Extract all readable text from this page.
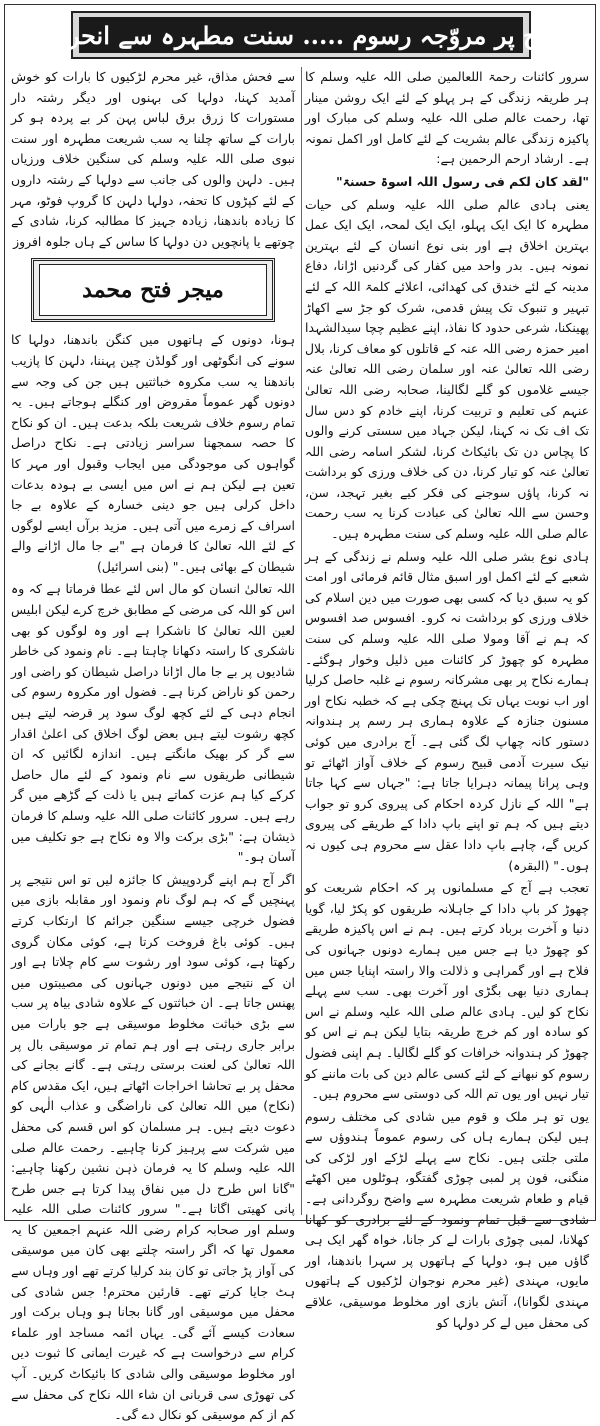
نکاح پر مروّجہ رسوم ..... سنت مطہرہ سے انحراف

سرور کائنات رحمۃ اللعالمین صلی اللہ علیہ وسلم کا ہر طریقہ زندگی کے ہر پہلو کے لئے ایک روشن مینار تھا، رحمت عالم صلی اللہ علیہ وسلم کی مبارک اور پاکیزہ زندگی عالم بشریت کے لئے کامل اور اکمل نمونہ ہے۔ ارشاد ارحم الرحمین ہے:

"لقد کان لکم فی رسول اللہ اسوۃ حسنۃ"

یعنی ہادی عالم صلی اللہ علیہ وسلم کی حیات مطہرہ کا ایک ایک پہلو، ایک ایک لمحہ، ایک ایک عمل بہترین اخلاق ہے اور بنی نوع انسان کے لئے بہترین نمونہ ہیں۔ بدر واحد میں کفار کی گردنیں اڑانا، دفاع مدینہ کے لئے خندق کی کھدائی، اعلائے کلمۃ اللہ کے لئے تبہیر و تنبوک تک پیش قدمی، شرک کو جڑ سے اکھاڑ پھینکنا، شرعی حدود کا نفاذ، اپنے عظیم چچا سیدالشہدا امیر حمزہ رضی اللہ عنہ کے قاتلوں کو معاف کرنا، بلال رضی اللہ تعالیٰ عنہ اور سلمان رضی اللہ تعالیٰ عنہ جیسے غلاموں کو گلے لگالینا، صحابہ رضی اللہ تعالیٰ عنہم کی تعلیم و تربیت کرنا، اپنے خادم کو دس سال تک اف تک نہ کہنا، لیکن جہاد میں سستی کرنے والوں کا پچاس دن تک بائیکاٹ کرنا، لشکر اسامہ رضی اللہ تعالیٰ عنہ کو تیار کرنا، دن کی خلاف ورزی کو برداشت نہ کرنا، پاؤں سوجنے کی فکر کیے بغیر تہجد، سن، وحسن سے اللہ تعالیٰ کی عبادت کرنا یہ سب رحمت عالم صلی اللہ علیہ وسلم کی سنت مطہرہ ہیں۔

ہادی نوع بشر صلی اللہ علیہ وسلم نے زندگی کے ہر شعبے کے لئے اکمل اور اسبق مثال قائم فرمائی اور امت کو یہ سبق دیا کہ کسی بھی صورت میں دین اسلام کی خلاف ورزی کو برداشت نہ کرو۔ افسوس صد افسوس کہ ہم نے آقا ومولا صلی اللہ علیہ وسلم کی سنت مطہرہ کو چھوڑ کر کائنات میں ذلیل وخوار ہوگئے۔ ہمارے نکاح پر بھی مشرکانہ رسوم نے غلبہ حاصل کرلیا اور اب نوبت یہاں تک پہنچ چکی ہے کہ خطبہ نکاح اور مسنون جنازہ کے علاوہ ہماری ہر رسم پر ہندوانہ دستور کانہ چھاپ لگ گئی ہے۔ آج برادری میں کوئی نیک سیرت آدمی قبیح رسوم کے خلاف آواز اٹھائے تو وہی پرانا پیمانہ دہرایا جاتا ہے: "جہاں سے کہا جاتا ہے" اللہ کے نازل کردہ احکام کی پیروی کرو تو جواب دیتے ہیں کہ ہم تو اپنے باپ دادا کے طریقے کی پیروی کریں گے، چاہے باپ دادا عقل سے محروم ہی کیوں نہ ہوں۔" (البقرہ)

تعجب ہے آج کے مسلمانوں پر کہ احکام شریعت کو چھوڑ کر باپ دادا کے جاہلانہ طریقوں کو پکڑ لیا، گویا دنیا و آخرت برباد کرتے ہیں۔ ہم نے اس پاکیزہ طریقے کو چھوڑ دیا ہے جس میں ہمارے دونوں جہانوں کی فلاح ہے اور گمراہی و ذلالت والا راستہ اپنایا جس میں ہماری دنیا بھی بگڑی اور آخرت بھی۔ سب سے پہلے نکاح کو لیں۔ ہادی عالم صلی اللہ علیہ وسلم نے اس کو سادہ اور کم خرچ طریقہ بتایا لیکن ہم نے اس کو چھوڑ کر ہندوانہ خرافات کو گلے لگالیا۔ ہم اپنی فضول رسوم کو نبھانے کے لئے کسی عالم دین کی بات ماننے کو تیار نہیں اور یوں تم اللہ کی دوستی سے محروم ہیں۔

یوں تو ہر ملک و قوم میں شادی کی مختلف رسوم ہیں لیکن ہمارے ہاں کی رسوم عموماً ہندوؤں سے ملتی جلتی ہیں۔ نکاح سے پہلے لڑکے اور لڑکی کی منگنی، فون پر لمبی چوڑی گفتگو، ہوٹلوں میں اکھٹے قیام و طعام شریعت مطہرہ سے واضح روگردانی ہے۔ شادی سے قبل تمام ونمود کے لئے برادری کو کھانا کھلانا، لمبی چوڑی بارات لے کر جانا، خواہ گھر ایک ہی گاؤں میں ہو، دولہا کے ہاتھوں پر سہرا باندھنا، اور مایوں، مہندی (غیر محرم نوجوان لڑکیوں کے ہاتھوں مہندی لگوانا)، آتش بازی اور مخلوط موسیقی، علاقے کی محفل میں لے کر دولہا کو

سے فحش مذاق، غیر محرم لڑکیوں کا بارات کو خوش آمدید کہنا، دولہا کی بہنوں اور دیگر رشتہ دار مستورات کا زرق برق لباس پہن کر بے پردہ ہو کر بارات کے ساتھ چلنا یہ سب شریعت مطہرہ اور سنت نبوی صلی اللہ علیہ وسلم کی سنگین خلاف ورزیاں ہیں۔ دلہن والوں کی جانب سے دولہا کے رشتہ داروں کے لئے کپڑوں کا تحفہ، دولہا دلہن کا گروپ فوٹو، مہر کا زیادہ باندھنا، زیادہ جہیز کا مطالبہ کرنا، شادی کے چوتھے یا پانچویں دن دولہا کا ساس کے ہاں جلوہ افروز

میجر فتح محمد

ہونا، دونوں کے ہاتھوں میں کنگن باندھنا، دولہا کا سونے کی انگوٹھی اور گولڈن چین پہننا، دلہن کا پازیب باندھنا یہ سب مکروہ خباثتیں ہیں جن کی وجہ سے دونوں گھر عموماً مقروض اور کنگلے ہوجاتے ہیں۔ یہ تمام رسوم خلاف شریعت بلکہ بدعت ہیں۔ ان کو نکاح کا حصہ سمجھنا سراسر زیادتی ہے۔ نکاح دراصل گواہوں کی موجودگی میں ایجاب وقبول اور مہر کا تعین ہے لیکن ہم نے اس میں ایسی بے ہودہ بدعات داخل کرلی ہیں جو دینی خسارہ کے علاوہ بے جا اسراف کے زمرے میں آتی ہیں۔ مزید برآں ایسے لوگوں کے لئے اللہ تعالیٰ کا فرمان ہے "بے جا مال اڑانے والے شیطان کے بھائی ہیں۔" (بنی اسرائیل)

اللہ تعالیٰ انسان کو مال اس لئے عطا فرماتا ہے کہ وہ اس کو اللہ کی مرضی کے مطابق خرچ کرے لیکن ابلیس لعین اللہ تعالیٰ کا ناشکرا ہے اور وہ لوگوں کو بھی ناشکری کا راستہ دکھانا چاہتا ہے۔ نام ونمود کی خاطر شادیوں پر بے جا مال اڑانا دراصل شیطان کو راضی اور رحمن کو ناراض کرنا ہے۔ فضول اور مکروہ رسوم کی انجام دہی کے لئے کچھ لوگ سود پر قرضہ لیتے ہیں کچھ رشوت لیتے ہیں بعض لوگ اخلاق کی اعلیٰ اقدار سے گر کر بھیک مانگتے ہیں۔ اندازہ لگائیں کہ ان شیطانی طریقوں سے نام ونمود کے لئے مال حاصل کرکے کیا ہم عزت کماتے ہیں یا ذلت کے گڑھے میں گر رہے ہیں۔ سرور کائنات صلی اللہ علیہ وسلم کا فرمان ذیشان ہے: "بڑی برکت والا وہ نکاح ہے جو تکلیف میں آسان ہو۔"

اگر آج ہم اپنے گردوپیش کا جائزہ لیں تو اس نتیجے پر پہنچیں گے کہ ہم لوگ نام ونمود اور مقابلہ بازی میں فضول خرچی جیسے سنگین جرائم کا ارتکاب کرتے ہیں۔ کوئی باغ فروخت کرتا ہے، کوئی مکان گروی رکھتا ہے، کوئی سود اور رشوت سے کام چلاتا ہے اور ان کے نتیجے میں دونوں جہانوں کی مصیبتوں میں پھنس جاتا ہے۔ ان خباثتوں کے علاوہ شادی بیاہ پر سب سے بڑی خباثت مخلوط موسیقی ہے جو بارات میں برابر جاری رہتی ہے اور ہم تمام تر موسیقی بال پر اللہ تعالیٰ کی لعنت برستی رہتی ہے۔ گانے بجانے کی محفل پر بے تحاشا اخراجات اٹھاتے ہیں، ایک مقدس کام (نکاح) میں اللہ تعالیٰ کی ناراضگی و عذاب الٰہی کو دعوت دیتے ہیں۔ ہر مسلمان کو اس قسم کی محفل میں شرکت سے پرہیز کرنا چاہیے۔ رحمت عالم صلی اللہ علیہ وسلم کا یہ فرمان ذہن نشین رکھنا چاہیے: "گانا اس طرح دل میں نفاق پیدا کرتا ہے جس طرح پانی کھیتی اگاتا ہے۔" سرور کائنات صلی اللہ علیہ وسلم اور صحابہ کرام رضی اللہ عنہم اجمعین کا یہ معمول تھا کہ اگر راستہ چلتے بھی کان میں موسیقی کی آواز پڑ جاتی تو کان بند کرلیا کرتے تھے اور وہاں سے ہٹ جایا کرتے تھے۔ قارئین محترم! جس شادی کی محفل میں موسیقی اور گانا بجانا ہو وہاں برکت اور سعادت کیسے آئے گی۔ یہاں ائمہ مساجد اور علماء کرام سے درخواست ہے کہ غیرت ایمانی کا ثبوت دیں اور مخلوط موسیقی والی شادی کا بائیکاٹ کریں۔ آپ کی تھوڑی سی قربانی ان شاء اللہ نکاح کی محفل سے کم از کم موسیقی کو نکال دے گی۔
